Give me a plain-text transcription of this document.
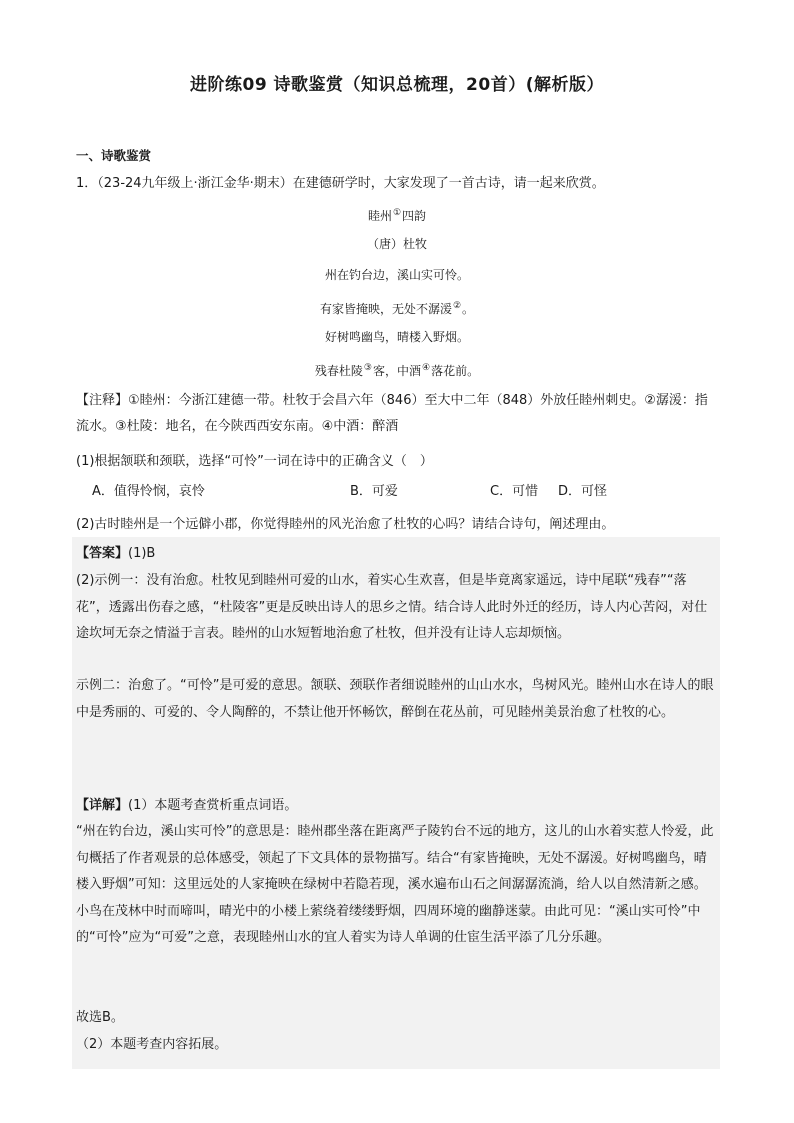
进阶练09 诗歌鉴赏（知识总梳理，20首）(解析版）
一、诗歌鉴赏
1．（23-24九年级上·浙江金华·期末）在建德研学时，大家发现了一首古诗，请一起来欣赏。
睦州①四韵
（唐）杜牧
州在钓台边，溪山实可怜。
有家皆掩映，无处不潺湲②。
好树鸣幽鸟，晴楼入野烟。
残春杜陵③客，中酒④落花前。
【注释】①睦州：今浙江建德一带。杜牧于会昌六年（846）至大中二年（848）外放任睦州刺史。②潺湲：指流水。③杜陵：地名，在今陕西西安东南。④中酒：醉酒
(1)根据颔联和颈联，选择“可怜”一词在诗中的正确含义（　）
A．值得怜悯，哀怜	B．可爱	C．可惜 D．可怪
(2)古时睦州是一个远僻小郡，你觉得睦州的风光治愈了杜牧的心吗？请结合诗句，阐述理由。
【答案】(1)B
(2)示例一：没有治愈。杜牧见到睦州可爱的山水，着实心生欢喜，但是毕竟离家遥远，诗中尾联“残春”“落花”，透露出伤春之感，“杜陵客”更是反映出诗人的思乡之情。结合诗人此时外迁的经历，诗人内心苦闷，对仕途坎坷无奈之情溢于言表。睦州的山水短暂地治愈了杜牧，但并没有让诗人忘却烦恼。
示例二：治愈了。“可怜”是可爱的意思。颔联、颈联作者细说睦州的山山水水，鸟树风光。睦州山水在诗人的眼中是秀丽的、可爱的、令人陶醉的，不禁让他开怀畅饮，醉倒在花丛前，可见睦州美景治愈了杜牧的心。
【详解】(1）本题考查赏析重点词语。
“州在钓台边，溪山实可怜”的意思是：睦州郡坐落在距离严子陵钓台不远的地方，这儿的山水着实惹人怜爱，此句概括了作者观景的总体感受，领起了下文具体的景物描写。结合“有家皆掩映，无处不潺湲。好树鸣幽鸟，晴楼入野烟”可知：这里远处的人家掩映在绿树中若隐若现，溪水遍布山石之间潺潺流淌，给人以自然清新之感。小鸟在茂林中时而啼叫，晴光中的小楼上萦绕着缕缕野烟，四周环境的幽静迷蒙。由此可见：“溪山实可怜”中的“可怜”应为“可爱”之意，表现睦州山水的宜人着实为诗人单调的仕宦生活平添了几分乐趣。
故选B。
（2）本题考查内容拓展。
